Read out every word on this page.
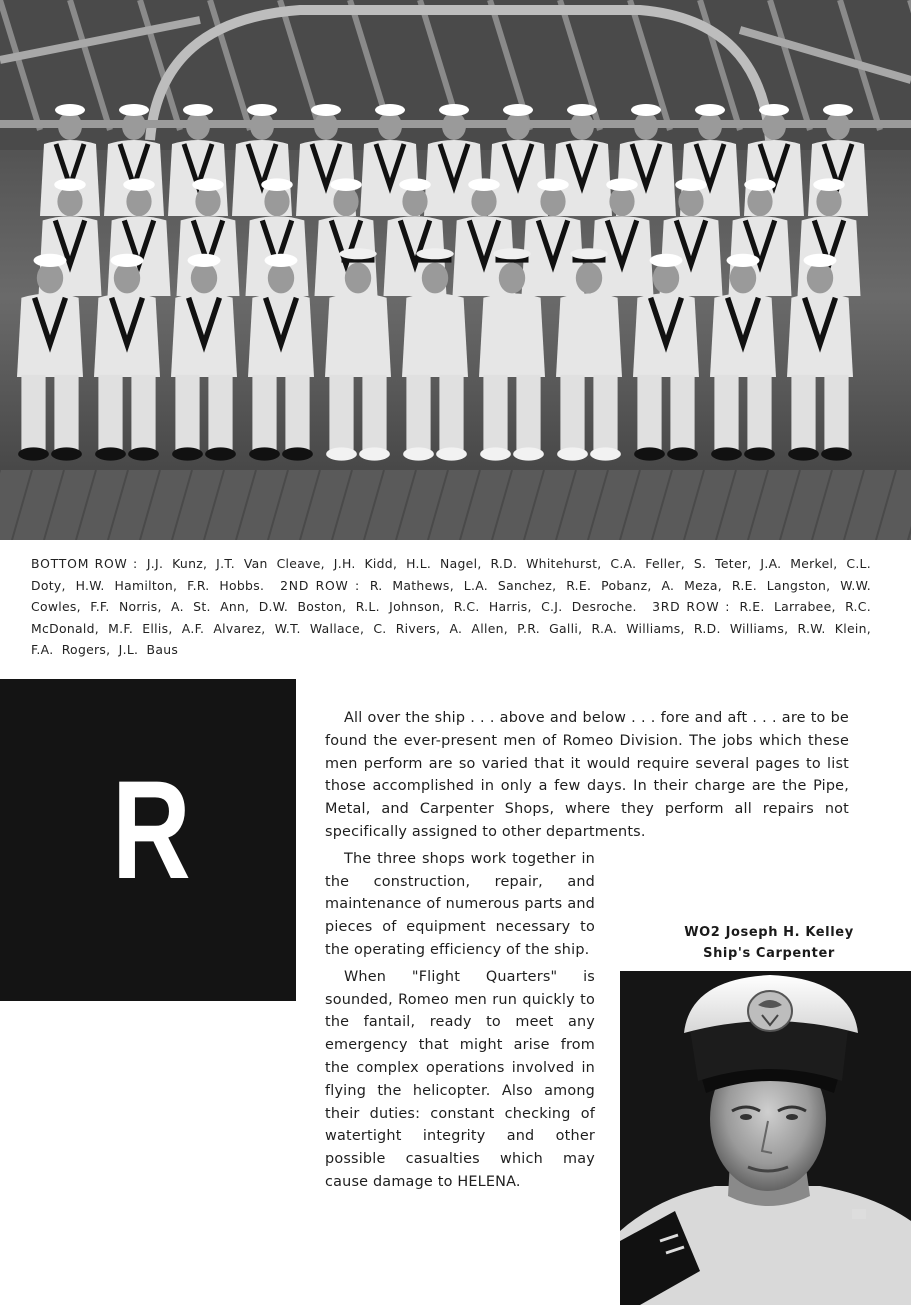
BOTTOM ROW : J.J. Kunz, J.T. Van Cleave, J.H. Kidd, H.L. Nagel, R.D. Whitehurst, C.A. Feller, S. Teter, J.A. Merkel, C.L. Doty, H.W. Hamilton, F.R. Hobbs. 2ND ROW : R. Mathews, L.A. Sanchez, R.E. Pobanz, A. Meza, R.E. Langston, W.W. Cowles, F.F. Norris, A. St. Ann, D.W. Boston, R.L. Johnson, R.C. Harris, C.J. Desroche. 3RD ROW : R.E. Larrabee, R.C. McDonald, M.F. Ellis, A.F. Alvarez, W.T. Wallace, C. Rivers, A. Allen, P.R. Galli, R.A. Williams, R.D. Williams, R.W. Klein, F.A. Rogers, J.L. Baus
R

All over the ship . . . above and below . . . fore and aft . . . are to be found the ever-present men of Romeo Division. The jobs which these men perform are so varied that it would require several pages to list those accomplished in only a few days. In their charge are the Pipe, Metal, and Carpenter Shops, where they perform all repairs not specifically assigned to other departments.

The three shops work together in the construction, repair, and maintenance of numerous parts and pieces of equipment necessary to the operating efficiency of the ship.

When "Flight Quarters" is sounded, Romeo men run quickly to the fantail, ready to meet any emergency that might arise from the complex operations involved in flying the helicopter. Also among their duties: constant checking of watertight integrity and other possible casualties which may cause damage to HELENA.

WO2 Joseph H. Kelley
Ship's Carpenter
